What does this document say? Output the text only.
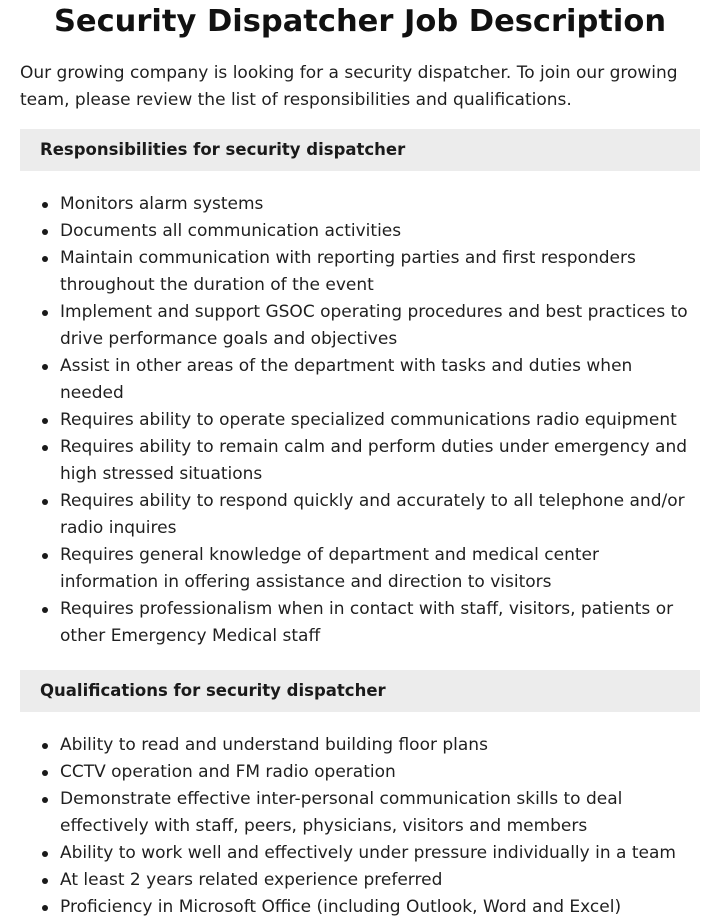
Security Dispatcher Job Description

Our growing company is looking for a security dispatcher. To join our growing team, please review the list of responsibilities and qualifications.

Responsibilities for security dispatcher
Monitors alarm systems
Documents all communication activities
Maintain communication with reporting parties and first responders throughout the duration of the event
Implement and support GSOC operating procedures and best practices to drive performance goals and objectives
Assist in other areas of the department with tasks and duties when needed
Requires ability to operate specialized communications radio equipment
Requires ability to remain calm and perform duties under emergency and high stressed situations
Requires ability to respond quickly and accurately to all telephone and/or radio inquires
Requires general knowledge of department and medical center information in offering assistance and direction to visitors
Requires professionalism when in contact with staff, visitors, patients or other Emergency Medical staff
Qualifications for security dispatcher
Ability to read and understand building floor plans
CCTV operation and FM radio operation
Demonstrate effective inter-personal communication skills to deal effectively with staff, peers, physicians, visitors and members
Ability to work well and effectively under pressure individually in a team
At least 2 years related experience preferred
Proficiency in Microsoft Office (including Outlook, Word and Excel)
